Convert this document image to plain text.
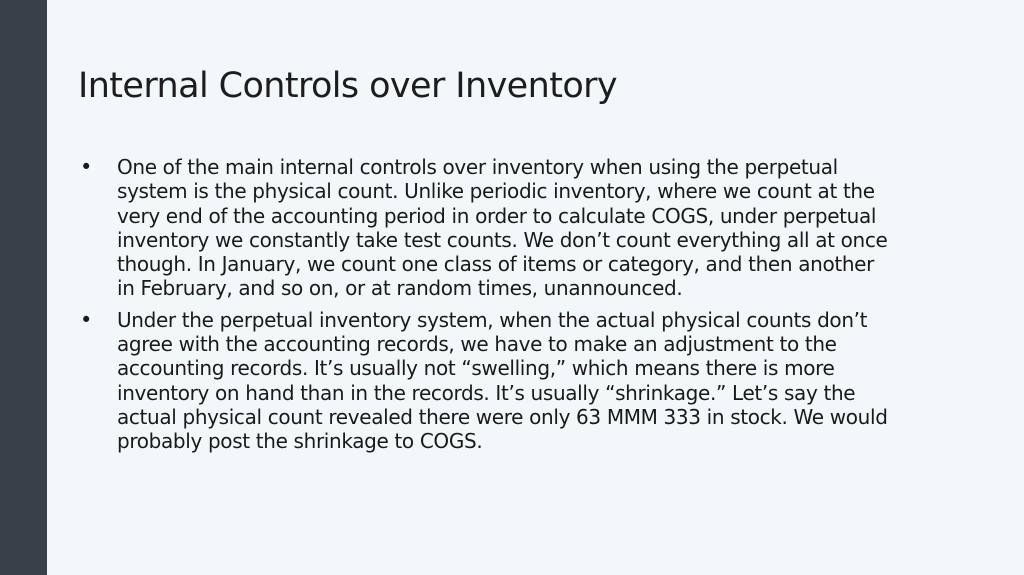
Internal Controls over Inventory
• One of the main internal controls over inventory when using the perpetual
system is the physical count. Unlike periodic inventory, where we count at the
very end of the accounting period in order to calculate COGS, under perpetual
inventory we constantly take test counts. We don’t count everything all at once
though. In January, we count one class of items or category, and then another
in February, and so on, or at random times, unannounced.
• Under the perpetual inventory system, when the actual physical counts don’t
agree with the accounting records, we have to make an adjustment to the
accounting records. It’s usually not “swelling,” which means there is more
inventory on hand than in the records. It’s usually “shrinkage.” Let’s say the
actual physical count revealed there were only 63 MMM 333 in stock. We would
probably post the shrinkage to COGS.
